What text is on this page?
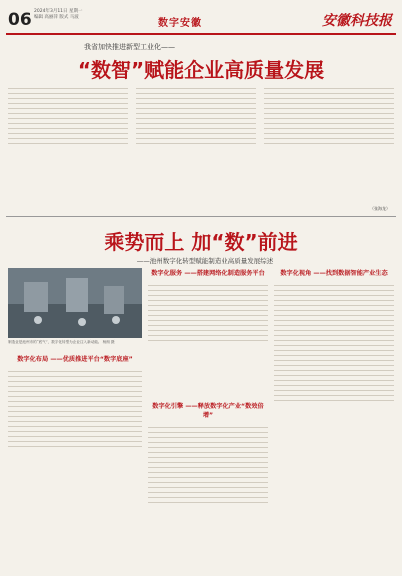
06 2024年3月11日 星期一
编辑 高丽萍 版式 马波
数字安徽	安徽科技报
我省加快推进新型工业化——
“数智”赋能企业高质量发展
（张海龙）
乘势而上 加“数”前进
——池州数字化转型赋能制造业高质量发展综述
制造业是池州市的“底气”，数字化转型为企业注入新动能。 杨朗 摄
数字化布局 ——优质推进平台“数字底座”
数字化服务 ——搭建网络化制造服务平台
数字化引擎 ——释放数字化产业“数效倍增”
数字化视角 ——找到数据智能产业生态
